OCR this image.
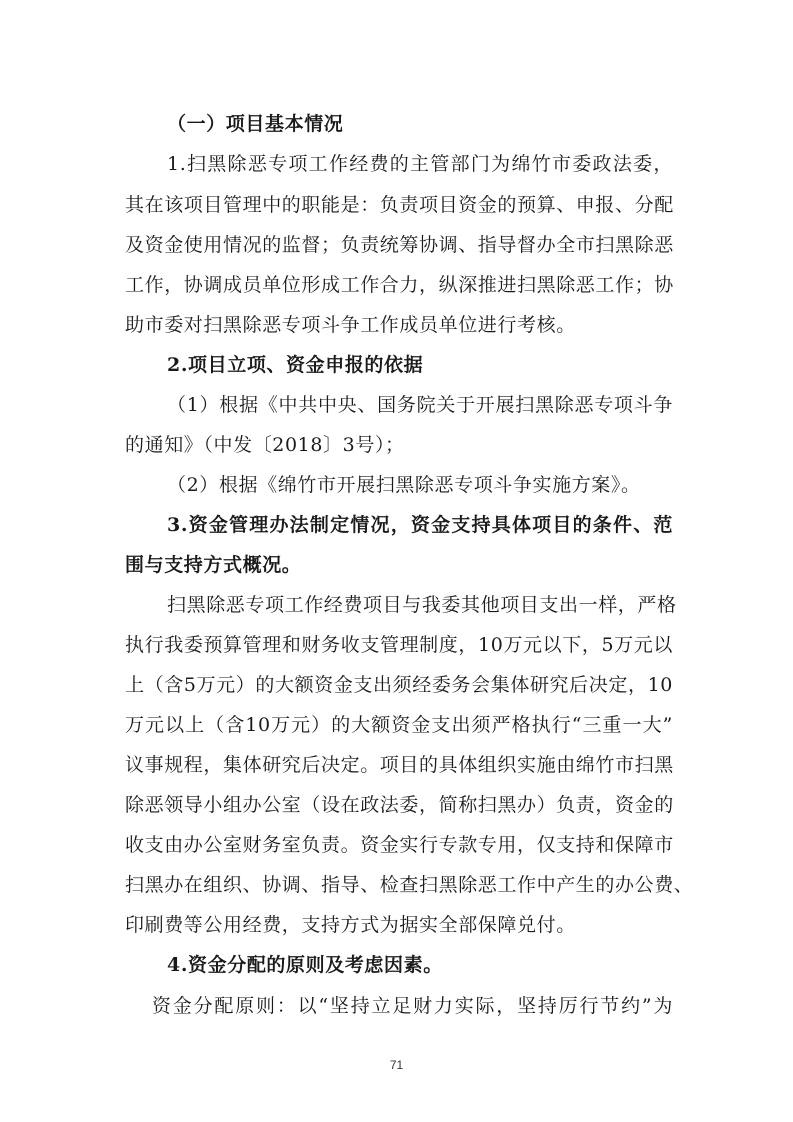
（一）项目基本情况
1.扫黑除恶专项工作经费的主管部门为绵竹市委政法委，
其在该项目管理中的职能是：负责项目资金的预算、申报、分配
及资金使用情况的监督；负责统筹协调、指导督办全市扫黑除恶
工作，协调成员单位形成工作合力，纵深推进扫黑除恶工作；协
助市委对扫黑除恶专项斗争工作成员单位进行考核。
2.项目立项、资金申报的依据
（1）根据《中共中央、国务院关于开展扫黑除恶专项斗争
的通知》（中发〔2018〕3号）；
（2）根据《绵竹市开展扫黑除恶专项斗争实施方案》。
3.资金管理办法制定情况，资金支持具体项目的条件、范
围与支持方式概况。
扫黑除恶专项工作经费项目与我委其他项目支出一样，严格
执行我委预算管理和财务收支管理制度，10万元以下，5万元以
上（含5万元）的大额资金支出须经委务会集体研究后决定，10
万元以上（含10万元）的大额资金支出须严格执行“三重一大”
议事规程，集体研究后决定。项目的具体组织实施由绵竹市扫黑
除恶领导小组办公室（设在政法委，简称扫黑办）负责，资金的
收支由办公室财务室负责。资金实行专款专用，仅支持和保障市
扫黑办在组织、协调、指导、检查扫黑除恶工作中产生的办公费、
印刷费等公用经费，支持方式为据实全部保障兑付。
4.资金分配的原则及考虑因素。
资金分配原则：以“坚持立足财力实际，坚持厉行节约”为
71
